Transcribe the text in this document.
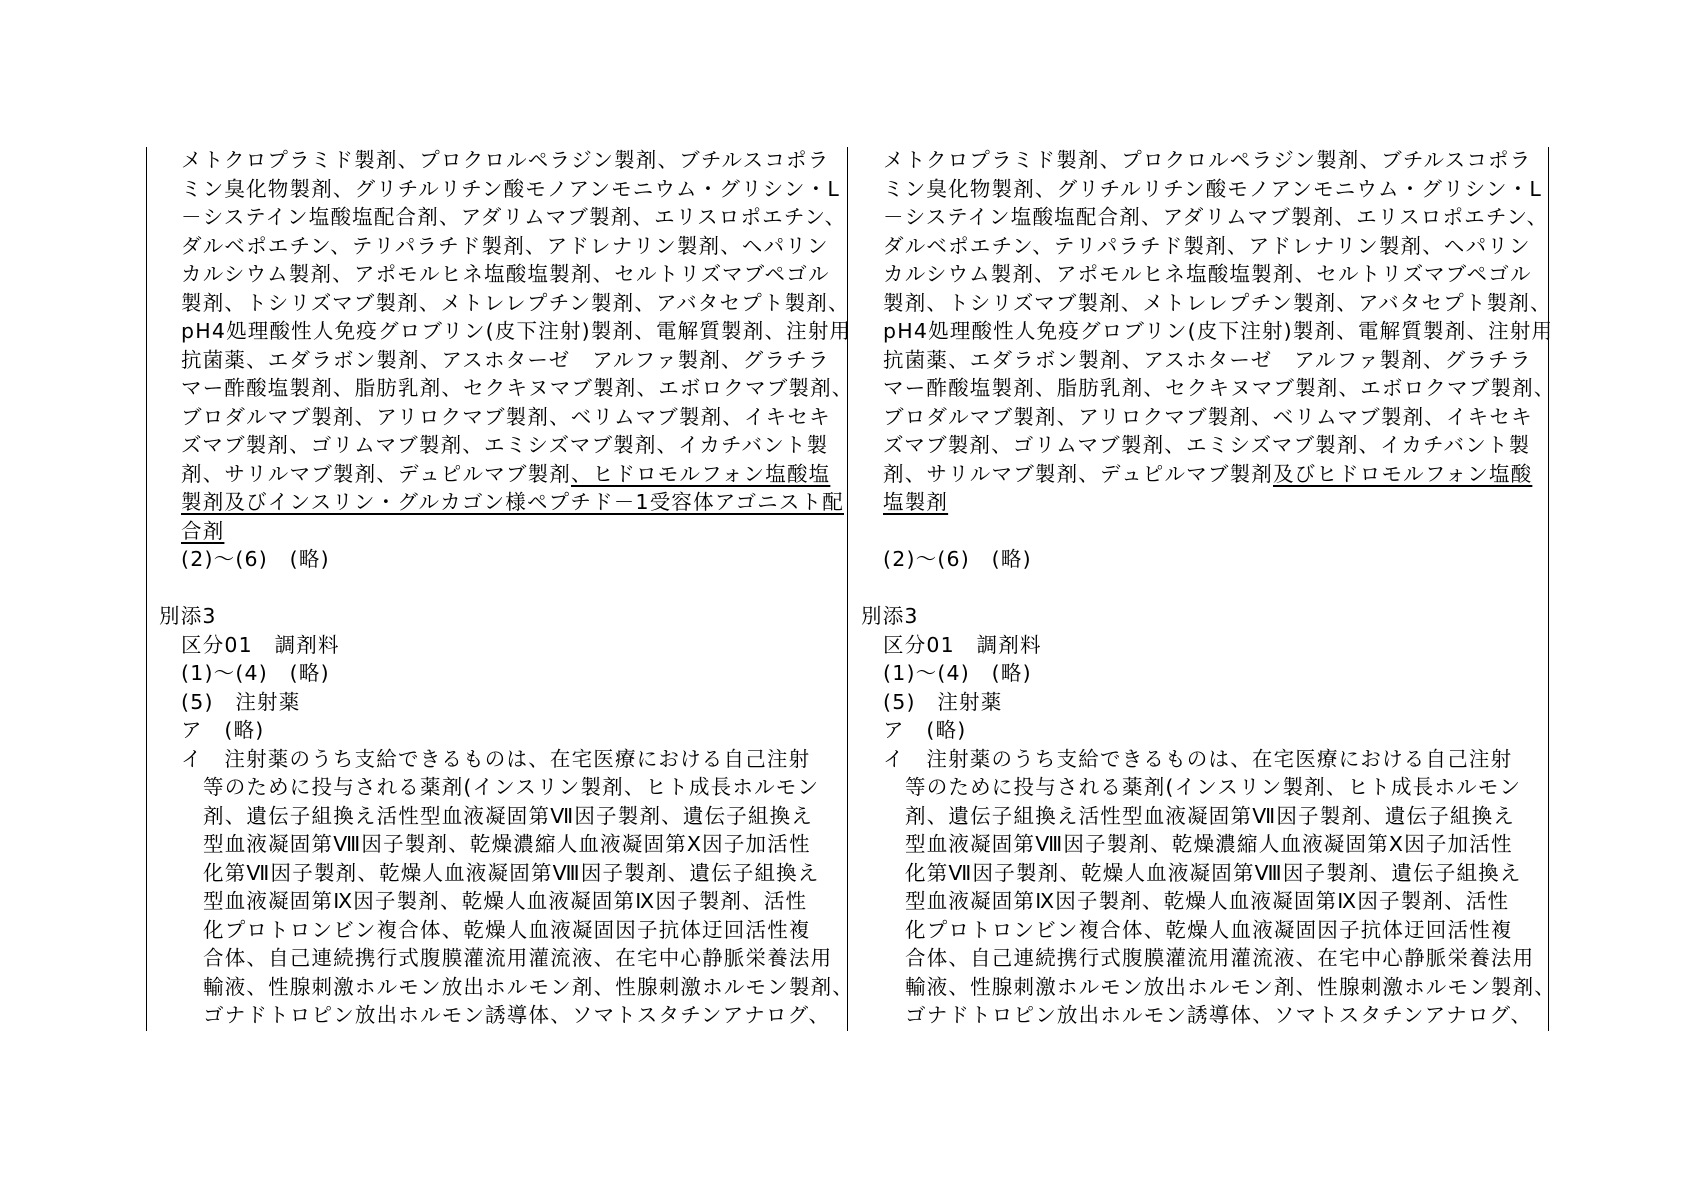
メトクロプラミド製剤、プロクロルペラジン製剤、ブチルスコポラ
ミン臭化物製剤、グリチルリチン酸モノアンモニウム・グリシン・L
－システイン塩酸塩配合剤、アダリムマブ製剤、エリスロポエチン、
ダルベポエチン、テリパラチド製剤、アドレナリン製剤、ヘパリン
カルシウム製剤、アポモルヒネ塩酸塩製剤、セルトリズマブペゴル
製剤、トシリズマブ製剤、メトレレプチン製剤、アバタセプト製剤、
pH4処理酸性人免疫グロブリン(皮下注射)製剤、電解質製剤、注射用
抗菌薬、エダラボン製剤、アスホターゼ　アルファ製剤、グラチラ
マー酢酸塩製剤、脂肪乳剤、セクキヌマブ製剤、エボロクマブ製剤、
ブロダルマブ製剤、アリロクマブ製剤、ベリムマブ製剤、イキセキ
ズマブ製剤、ゴリムマブ製剤、エミシズマブ製剤、イカチバント製
剤、サリルマブ製剤、デュピルマブ製剤、ヒドロモルフォン塩酸塩
製剤及びインスリン・グルカゴン様ペプチド－1受容体アゴニスト配
合剤
(2)～(6)　(略)
別添3
区分01　調剤料
(1)～(4)　(略)
(5)　注射薬
ア　(略)
イ　注射薬のうち支給できるものは、在宅医療における自己注射
等のために投与される薬剤(インスリン製剤、ヒト成長ホルモン
剤、遺伝子組換え活性型血液凝固第Ⅶ因子製剤、遺伝子組換え
型血液凝固第Ⅷ因子製剤、乾燥濃縮人血液凝固第Ⅹ因子加活性
化第Ⅶ因子製剤、乾燥人血液凝固第Ⅷ因子製剤、遺伝子組換え
型血液凝固第Ⅸ因子製剤、乾燥人血液凝固第Ⅸ因子製剤、活性
化プロトロンビン複合体、乾燥人血液凝固因子抗体迂回活性複
合体、自己連続携行式腹膜灌流用灌流液、在宅中心静脈栄養法用
輸液、性腺刺激ホルモン放出ホルモン剤、性腺刺激ホルモン製剤、
ゴナドトロピン放出ホルモン誘導体、ソマトスタチンアナログ、
メトクロプラミド製剤、プロクロルペラジン製剤、ブチルスコポラ
ミン臭化物製剤、グリチルリチン酸モノアンモニウム・グリシン・L
－システイン塩酸塩配合剤、アダリムマブ製剤、エリスロポエチン、
ダルベポエチン、テリパラチド製剤、アドレナリン製剤、ヘパリン
カルシウム製剤、アポモルヒネ塩酸塩製剤、セルトリズマブペゴル
製剤、トシリズマブ製剤、メトレレプチン製剤、アバタセプト製剤、
pH4処理酸性人免疫グロブリン(皮下注射)製剤、電解質製剤、注射用
抗菌薬、エダラボン製剤、アスホターゼ　アルファ製剤、グラチラ
マー酢酸塩製剤、脂肪乳剤、セクキヌマブ製剤、エボロクマブ製剤、
ブロダルマブ製剤、アリロクマブ製剤、ベリムマブ製剤、イキセキ
ズマブ製剤、ゴリムマブ製剤、エミシズマブ製剤、イカチバント製
剤、サリルマブ製剤、デュピルマブ製剤及びヒドロモルフォン塩酸
塩製剤
(2)～(6)　(略)
別添3
区分01　調剤料
(1)～(4)　(略)
(5)　注射薬
ア　(略)
イ　注射薬のうち支給できるものは、在宅医療における自己注射
等のために投与される薬剤(インスリン製剤、ヒト成長ホルモン
剤、遺伝子組換え活性型血液凝固第Ⅶ因子製剤、遺伝子組換え
型血液凝固第Ⅷ因子製剤、乾燥濃縮人血液凝固第Ⅹ因子加活性
化第Ⅶ因子製剤、乾燥人血液凝固第Ⅷ因子製剤、遺伝子組換え
型血液凝固第Ⅸ因子製剤、乾燥人血液凝固第Ⅸ因子製剤、活性
化プロトロンビン複合体、乾燥人血液凝固因子抗体迂回活性複
合体、自己連続携行式腹膜灌流用灌流液、在宅中心静脈栄養法用
輸液、性腺刺激ホルモン放出ホルモン剤、性腺刺激ホルモン製剤、
ゴナドトロピン放出ホルモン誘導体、ソマトスタチンアナログ、
